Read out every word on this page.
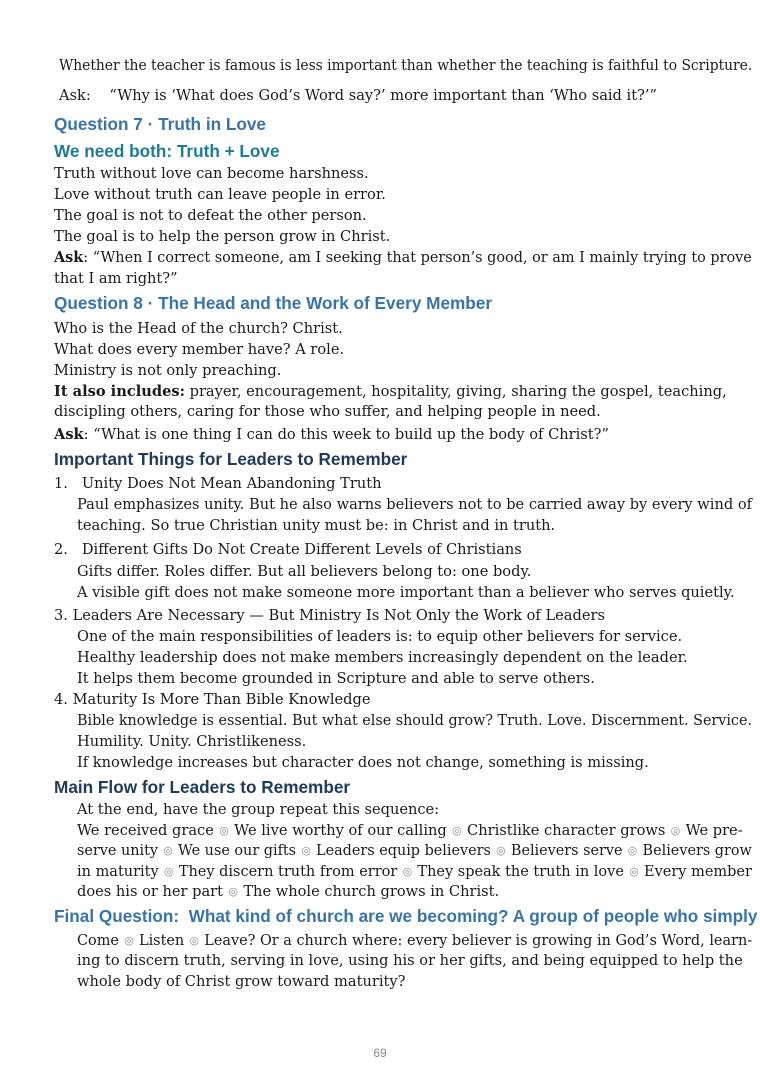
Whether the teacher is famous is less important than whether the teaching is faithful to Scripture.
Ask: “Why is ‘What does God’s Word say?’ more important than ‘Who said it?’”
Question 7 · Truth in Love
We need both: Truth + Love
Truth without love can become harshness.
Love without truth can leave people in error.
The goal is not to defeat the other person.
The goal is to help the person grow in Christ.
Ask: “When I correct someone, am I seeking that person’s good, or am I mainly trying to prove
that I am right?”
Question 8 · The Head and the Work of Every Member
Who is the Head of the church? Christ.
What does every member have? A role.
Ministry is not only preaching.
It also includes: prayer, encouragement, hospitality, giving, sharing the gospel, teaching,
discipling others, caring for those who suffer, and helping people in need.
Ask: “What is one thing I can do this week to build up the body of Christ?”
Important Things for Leaders to Remember
1.   Unity Does Not Mean Abandoning Truth
Paul emphasizes unity. But he also warns believers not to be carried away by every wind of
teaching. So true Christian unity must be: in Christ and in truth.
2.   Different Gifts Do Not Create Different Levels of Christians
Gifts differ. Roles differ. But all believers belong to: one body.
A visible gift does not make someone more important than a believer who serves quietly.
3. Leaders Are Necessary — But Ministry Is Not Only the Work of Leaders
One of the main responsibilities of leaders is: to equip other believers for service.
Healthy leadership does not make members increasingly dependent on the leader.
It helps them become grounded in Scripture and able to serve others.
4. Maturity Is More Than Bible Knowledge
Bible knowledge is essential. But what else should grow? Truth. Love. Discernment. Service.
Humility. Unity. Christlikeness.
If knowledge increases but character does not change, something is missing.
Main Flow for Leaders to Remember
At the end, have the group repeat this sequence:
We received grace ◎ We live worthy of our calling ◎ Christlike character grows ◎ We pre-
serve unity ◎ We use our gifts ◎ Leaders equip believers ◎ Believers serve ◎ Believers grow
in maturity ◎ They discern truth from error ◎ They speak the truth in love ◎ Every member
does his or her part ◎ The whole church grows in Christ.
Final Question:  What kind of church are we becoming? A group of people who simply
Come ◎ Listen ◎ Leave? Or a church where: every believer is growing in God’s Word, learn-
ing to discern truth, serving in love, using his or her gifts, and being equipped to help the
whole body of Christ grow toward maturity?
69
